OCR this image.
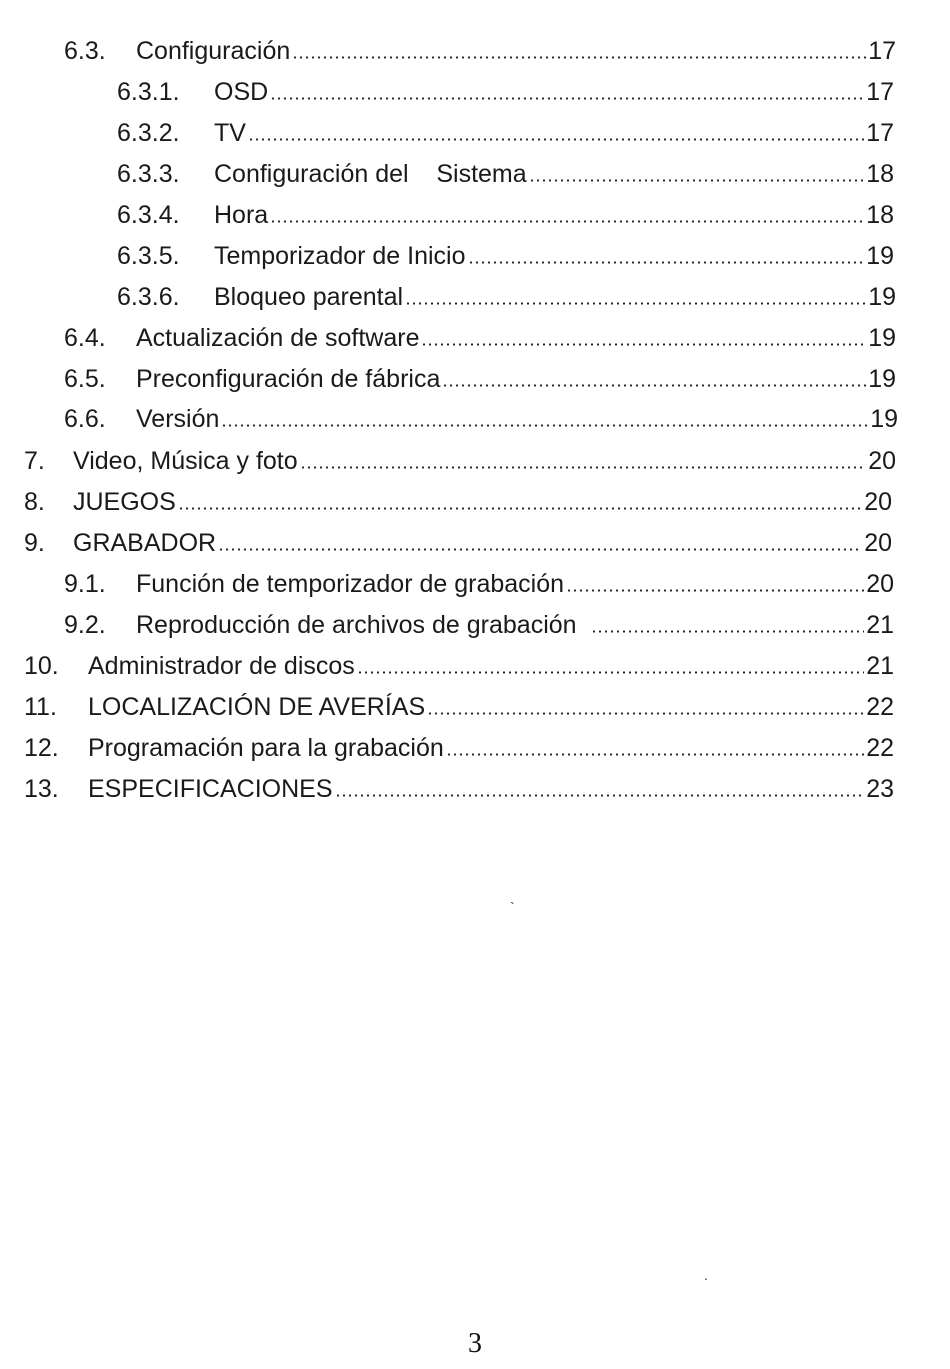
6.3.	Configuración	17
6.3.1.	OSD	17
6.3.2.	TV	17
6.3.3.	Configuración del    Sistema	18
6.3.4.	Hora	18
6.3.5.	Temporizador de Inicio	19
6.3.6.	Bloqueo parental	19
6.4.	Actualización de software	19
6.5.	Preconfiguración de fábrica	19
6.6.	Versión	19
7.	Video, Música y foto	20
8.	JUEGOS	20
9.	GRABADOR	20
9.1.	Función de temporizador de grabación	20
9.2.	Reproducción de archivos de grabación	21
10.	Administrador de discos	21
11.	LOCALIZACIÓN DE AVERÍAS	22
12.	Programación para la grabación	22
13.	ESPECIFICACIONES	23
`
.
3
